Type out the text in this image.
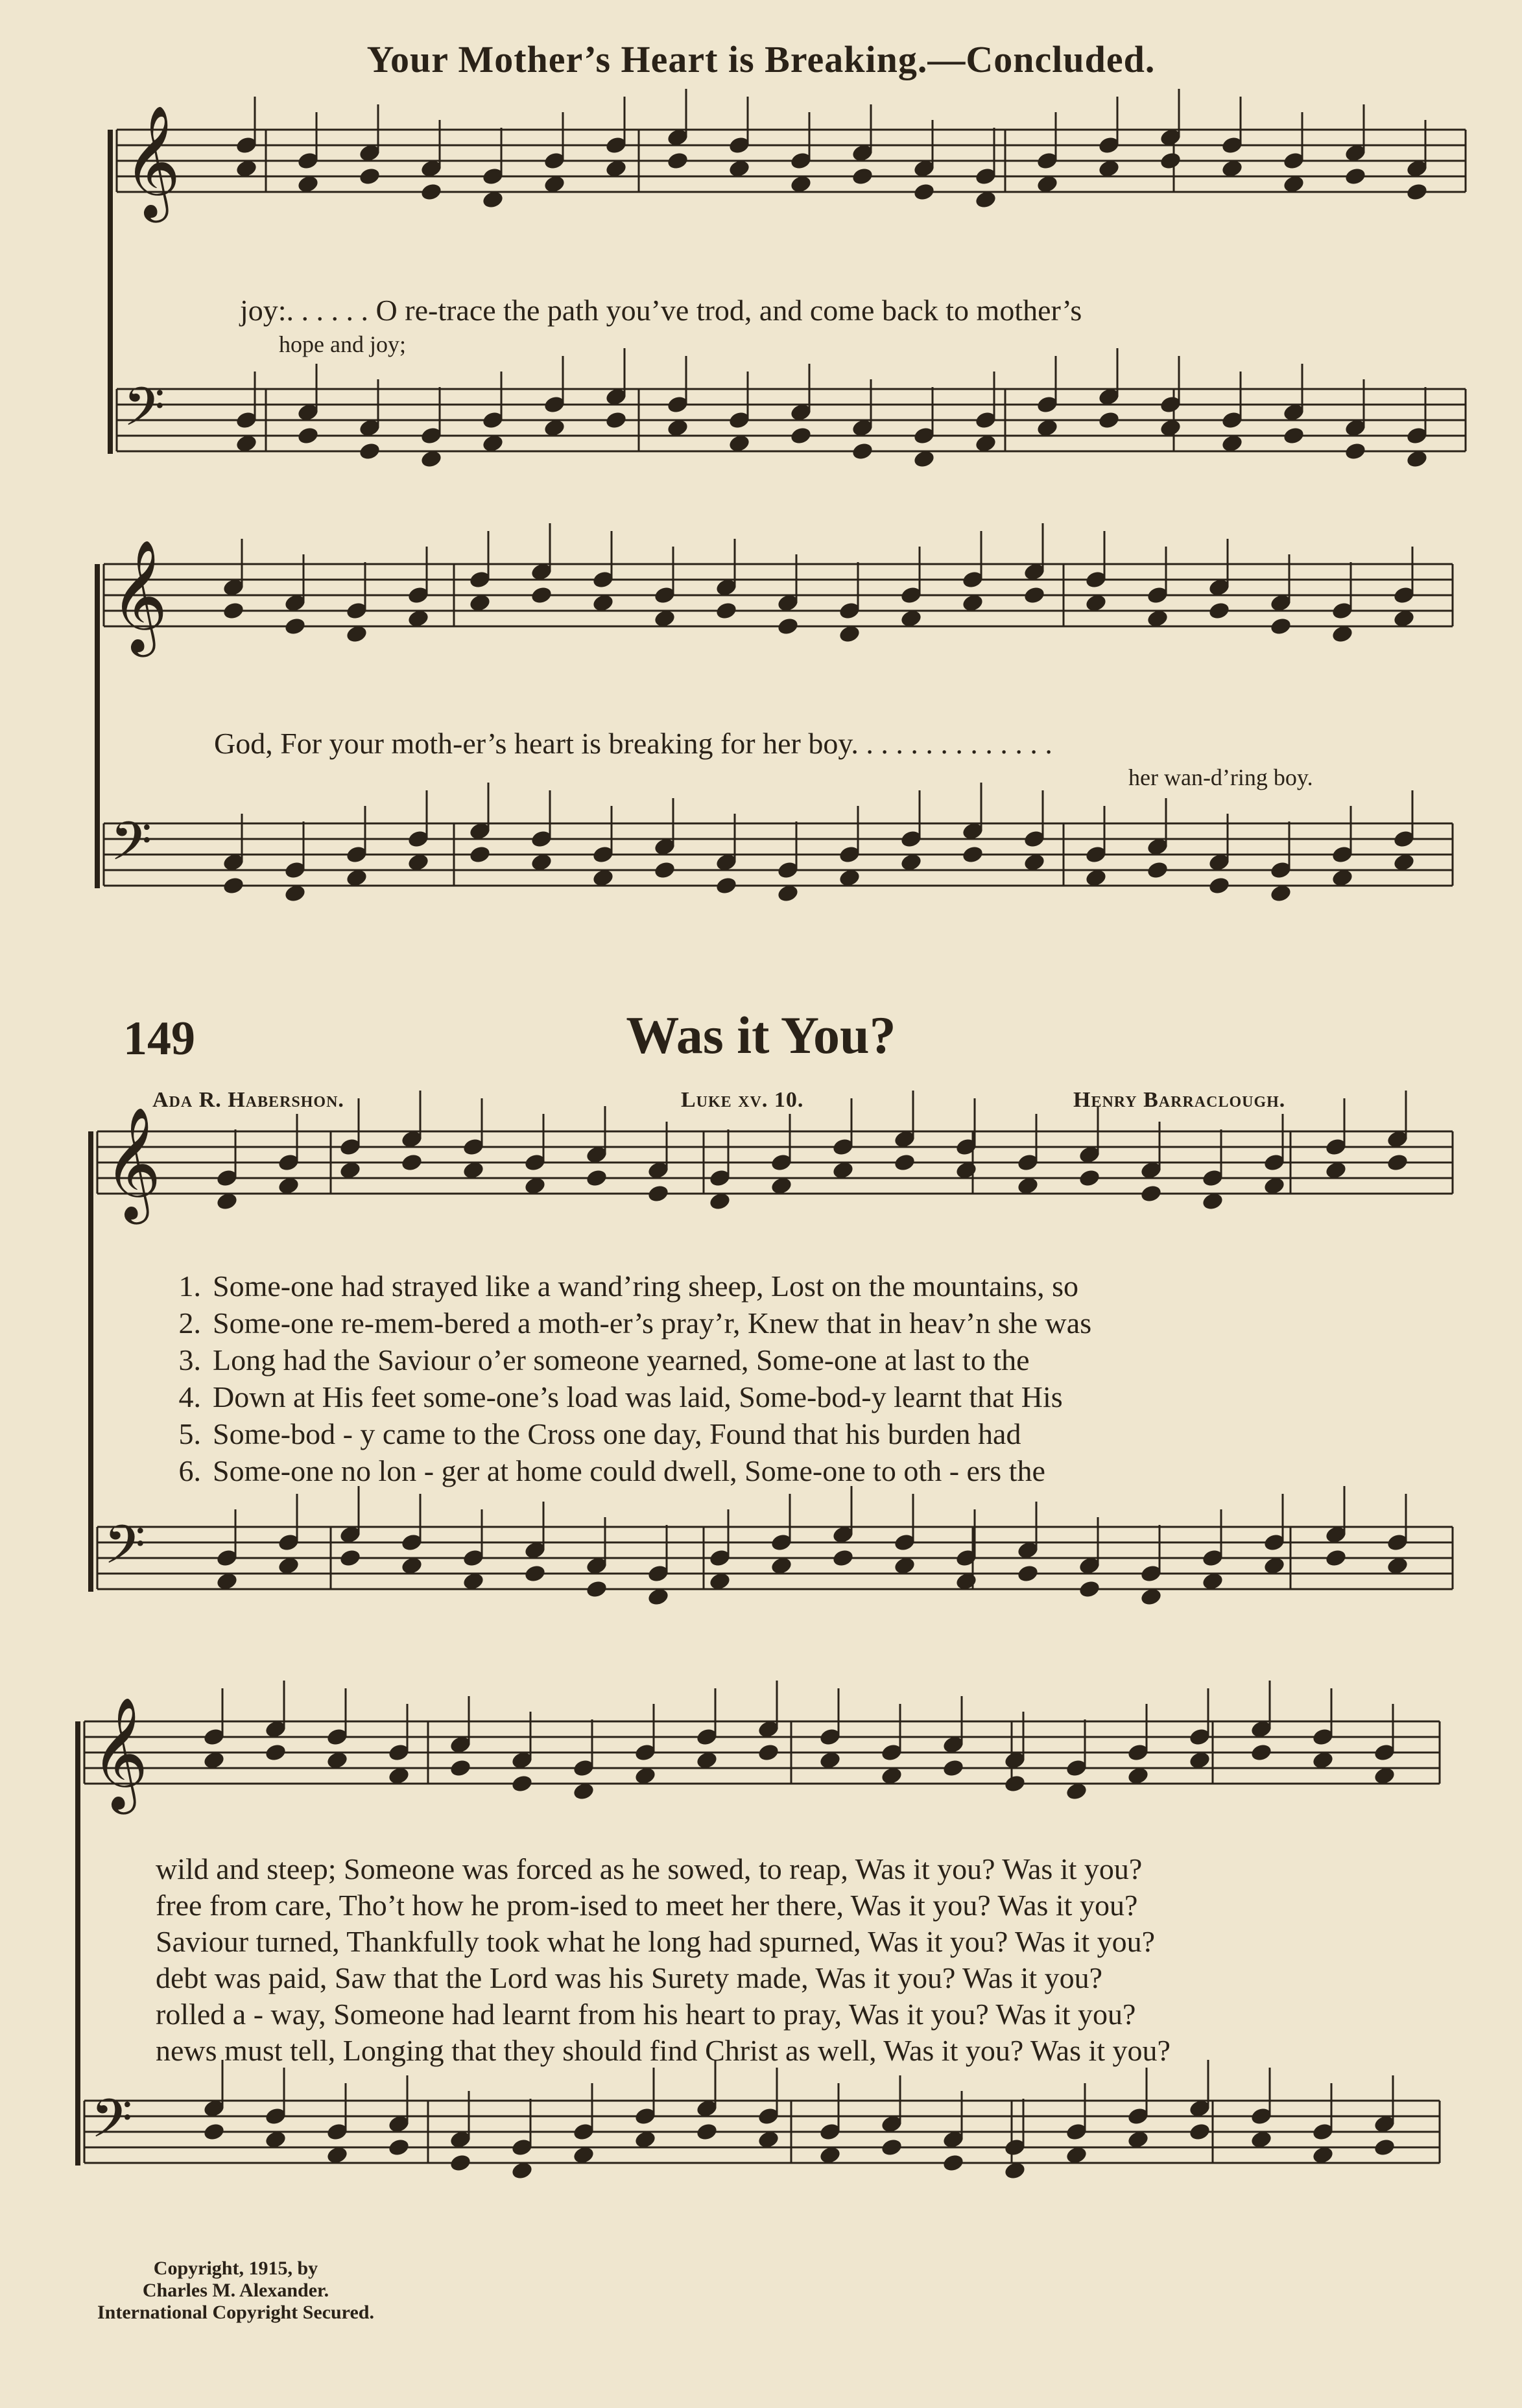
Your Mother’s Heart is Breaking.—Concluded.
𝄞
𝄢
𝄞
𝄢
𝄞
𝄢
𝄞
𝄢
joy:. . . . . . O re-trace the path you’ve trod, and come back to mother’s
hope and joy;
God, For your moth-er’s heart is breaking for her boy. . . . . . . . . . . . . .
her wan-d’ring boy.
149	Was it You?
Ada R. Habershon.	Luke xv. 10.	Henry Barraclough.
1. Some-one had strayed like a wand’ring sheep, Lost on the mountains, so
2. Some-one re-mem-bered a moth-er’s pray’r, Knew that in heav’n she was
3. Long had the Saviour o’er someone yearned, Some-one at last to the
4. Down at His feet some-one’s load was laid, Some-bod-y learnt that His
5. Some-bod - y came to the Cross one day, Found that his burden had
6. Some-one no lon - ger at home could dwell, Some-one to oth - ers the
wild and steep; Someone was forced as he sowed, to reap, Was it you? Was it you?
free from care, Tho’t how he prom-ised to meet her there, Was it you? Was it you?
Saviour turned, Thankfully took what he long had spurned, Was it you? Was it you?
debt was paid, Saw that the Lord was his Surety made, Was it you? Was it you?
rolled a - way, Someone had learnt from his heart to pray, Was it you? Was it you?
news must tell, Longing that they should find Christ as well, Was it you? Was it you?
Copyright, 1915, by
Charles M. Alexander.
International Copyright Secured.
